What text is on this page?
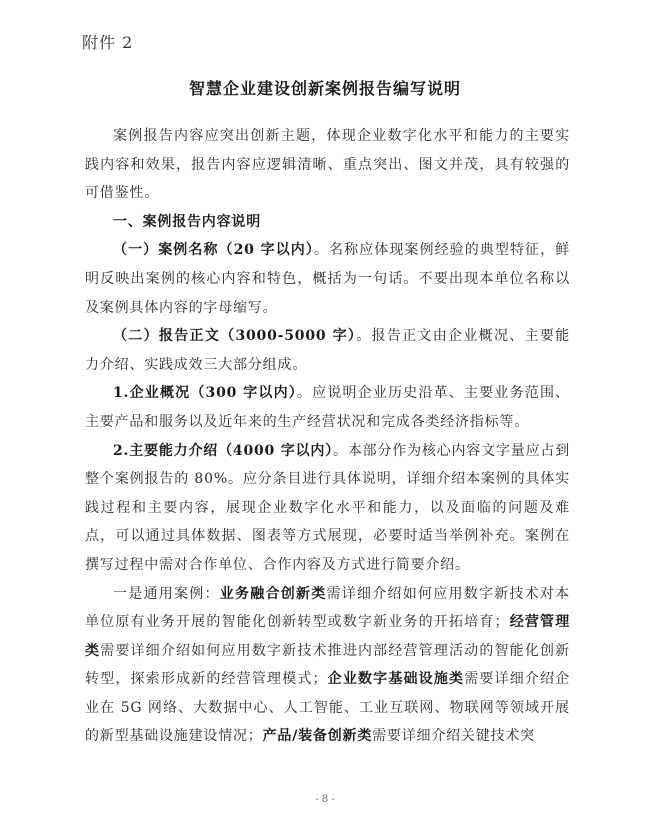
附件 2
智慧企业建设创新案例报告编写说明

案例报告内容应突出创新主题，体现企业数字化水平和能力的主要实践内容和效果，报告内容应逻辑清晰、重点突出、图文并茂，具有较强的可借鉴性。

一、案例报告内容说明

（一）案例名称（20 字以内）。名称应体现案例经验的典型特征，鲜明反映出案例的核心内容和特色，概括为一句话。不要出现本单位名称以及案例具体内容的字母缩写。

（二）报告正文（3000-5000 字）。报告正文由企业概况、主要能力介绍、实践成效三大部分组成。

1.企业概况（300 字以内）。应说明企业历史沿革、主要业务范围、主要产品和服务以及近年来的生产经营状况和完成各类经济指标等。

2.主要能力介绍（4000 字以内）。本部分作为核心内容文字量应占到整个案例报告的 80%。应分条目进行具体说明，详细介绍本案例的具体实践过程和主要内容，展现企业数字化水平和能力，以及面临的问题及难点，可以通过具体数据、图表等方式展现，必要时适当举例补充。案例在撰写过程中需对合作单位、合作内容及方式进行简要介绍。

一是通用案例：业务融合创新类需详细介绍如何应用数字新技术对本单位原有业务开展的智能化创新转型或数字新业务的开拓培育；经营管理类需要详细介绍如何应用数字新技术推进内部经营管理活动的智能化创新转型，探索形成新的经营管理模式；企业数字基础设施类需要详细介绍企业在 5G 网络、大数据中心、人工智能、工业互联网、物联网等领域开展的新型基础设施建设情况；产品/装备创新类需要详细介绍关键技术突

- 8 -
